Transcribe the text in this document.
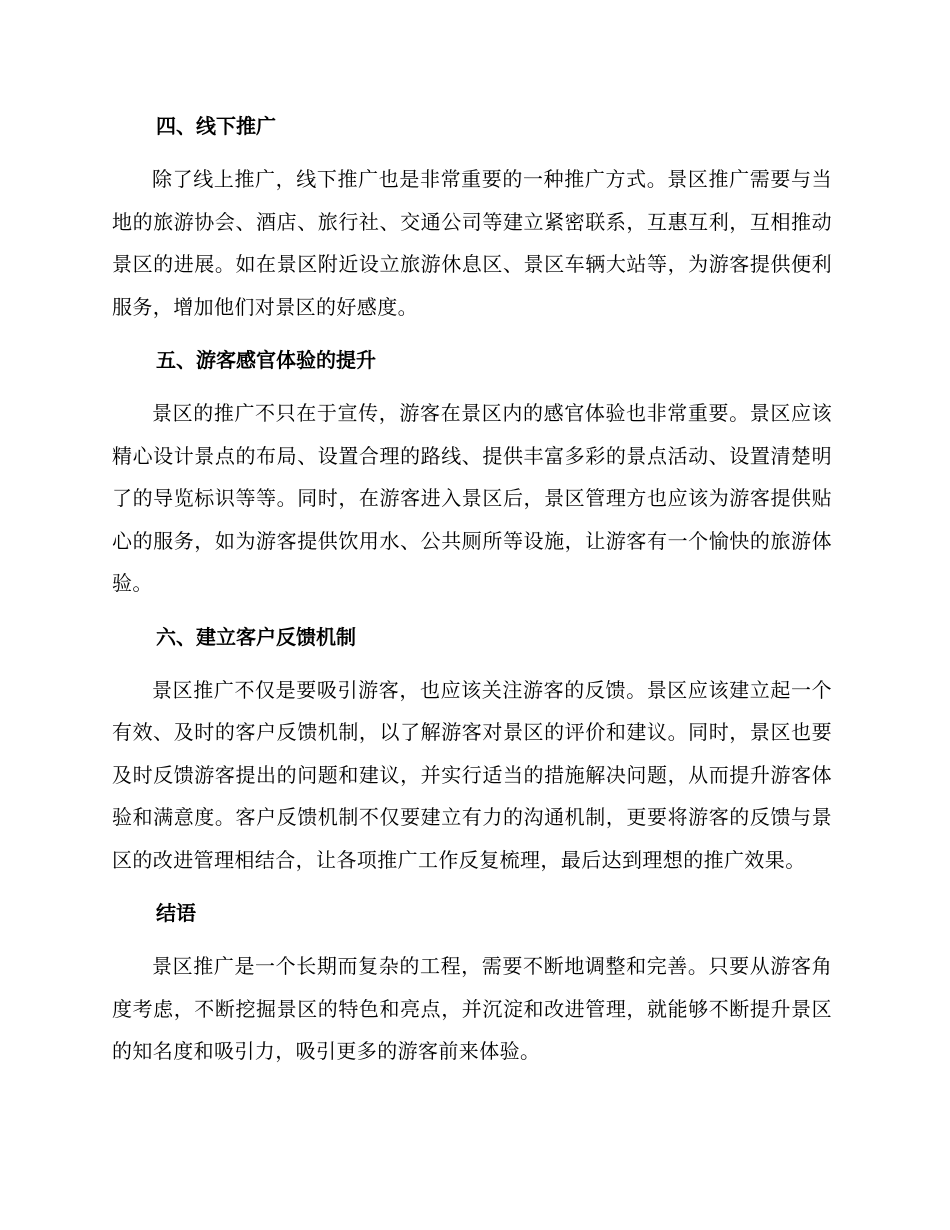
四、线下推广

除了线上推广，线下推广也是非常重要的一种推广方式。景区推广需要与当地的旅游协会、酒店、旅行社、交通公司等建立紧密联系，互惠互利，互相推动景区的进展。如在景区附近设立旅游休息区、景区车辆大站等，为游客提供便利服务，增加他们对景区的好感度。

五、游客感官体验的提升

景区的推广不只在于宣传，游客在景区内的感官体验也非常重要。景区应该精心设计景点的布局、设置合理的路线、提供丰富多彩的景点活动、设置清楚明了的导览标识等等。同时，在游客进入景区后，景区管理方也应该为游客提供贴心的服务，如为游客提供饮用水、公共厕所等设施，让游客有一个愉快的旅游体验。

六、建立客户反馈机制

景区推广不仅是要吸引游客，也应该关注游客的反馈。景区应该建立起一个有效、及时的客户反馈机制，以了解游客对景区的评价和建议。同时，景区也要及时反馈游客提出的问题和建议，并实行适当的措施解决问题，从而提升游客体验和满意度。客户反馈机制不仅要建立有力的沟通机制，更要将游客的反馈与景区的改进管理相结合，让各项推广工作反复梳理，最后达到理想的推广效果。

结语

景区推广是一个长期而复杂的工程，需要不断地调整和完善。只要从游客角度考虑，不断挖掘景区的特色和亮点，并沉淀和改进管理，就能够不断提升景区的知名度和吸引力，吸引更多的游客前来体验。
